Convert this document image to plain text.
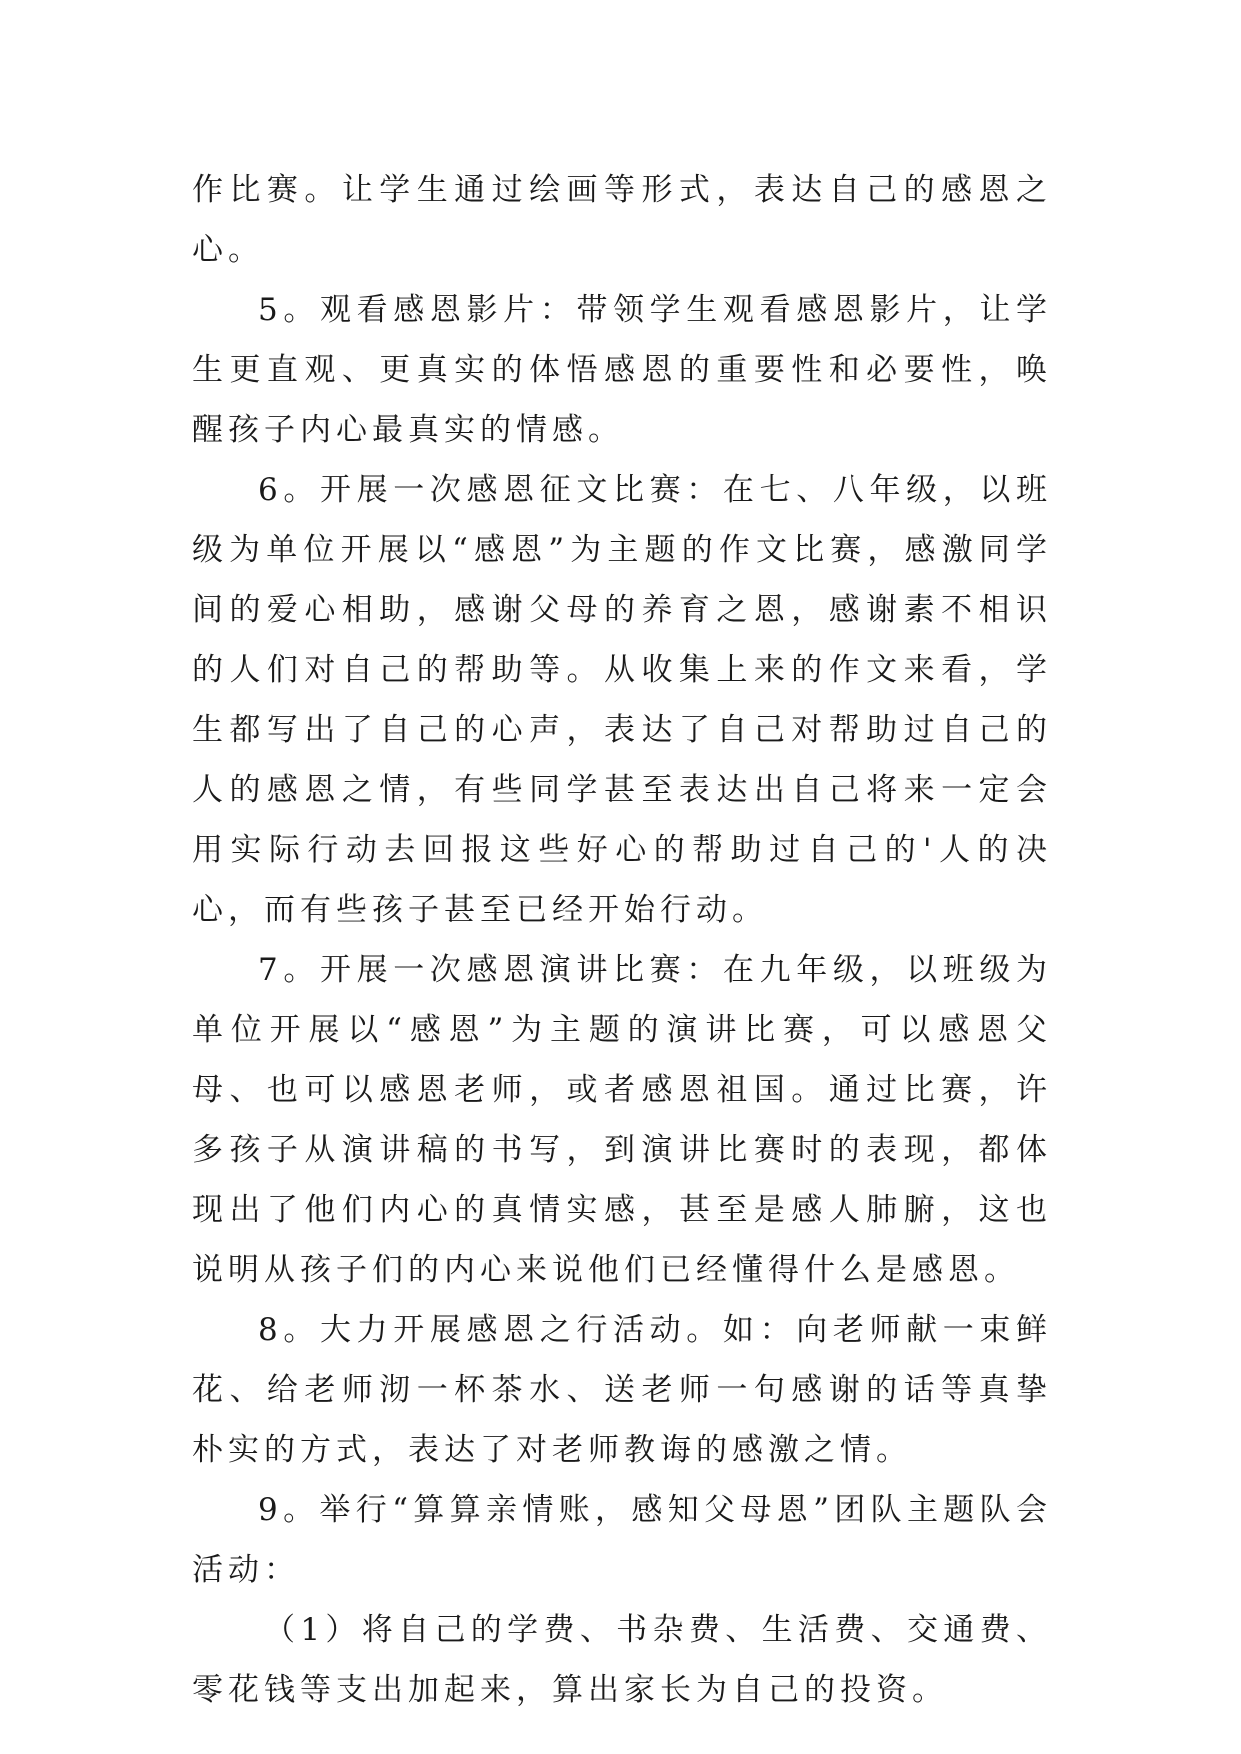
作比赛。让学生通过绘画等形式，表达自己的感恩之心。

5。观看感恩影片：带领学生观看感恩影片，让学生更直观、更真实的体悟感恩的重要性和必要性，唤醒孩子内心最真实的情感。

6。开展一次感恩征文比赛：在七、八年级，以班级为单位开展以“感恩”为主题的作文比赛，感激同学间的爱心相助，感谢父母的养育之恩，感谢素不相识的人们对自己的帮助等。从收集上来的作文来看，学生都写出了自己的心声，表达了自己对帮助过自己的人的感恩之情，有些同学甚至表达出自己将来一定会用实际行动去回报这些好心的帮助过自己的'人的决心，而有些孩子甚至已经开始行动。

7。开展一次感恩演讲比赛：在九年级，以班级为单位开展以“感恩”为主题的演讲比赛，可以感恩父母、也可以感恩老师，或者感恩祖国。通过比赛，许多孩子从演讲稿的书写，到演讲比赛时的表现，都体现出了他们内心的真情实感，甚至是感人肺腑，这也说明从孩子们的内心来说他们已经懂得什么是感恩。

8。大力开展感恩之行活动。如：向老师献一束鲜花、给老师沏一杯茶水、送老师一句感谢的话等真挚朴实的方式，表达了对老师教诲的感激之情。

9。举行“算算亲情账，感知父母恩”团队主题队会活动：

（1）将自己的学费、书杂费、生活费、交通费、零花钱等支出加起来，算出家长为自己的投资。
